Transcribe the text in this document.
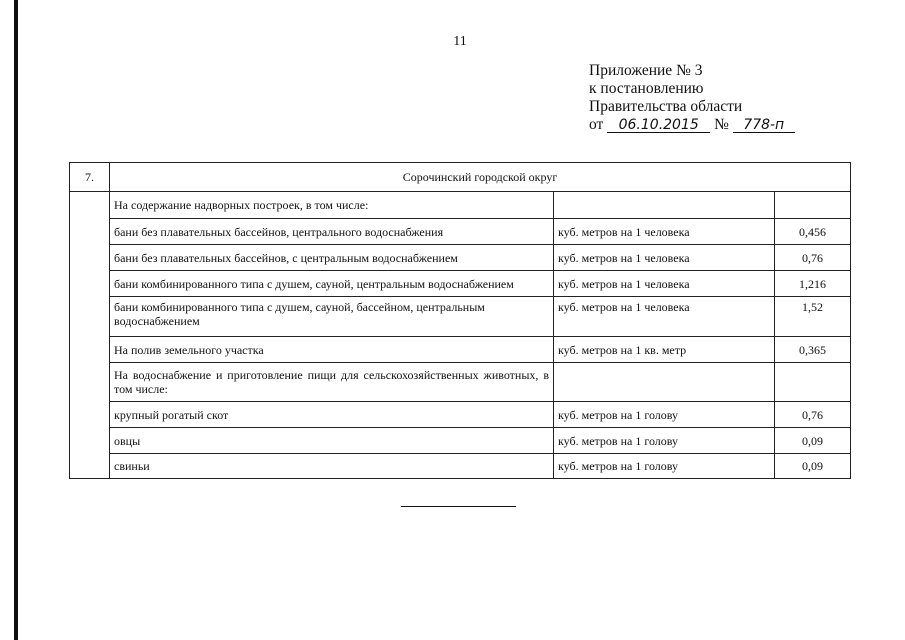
11
Приложение № 3
к постановлению
Правительства области
от 06.10.2015 № 778-п
7.	Сорочинский городской округ		
	На содержание надворных построек, в том числе:		
	бани без плавательных бассейнов, центрального водоснабжения	куб. метров на 1 человека	0,456
	бани без плавательных бассейнов, с центральным водоснабжением	куб. метров на 1 человека	0,76
	бани комбинированного типа с душем, сауной, центральным водоснабжением	куб. метров на 1 человека	1,216
	бани комбинированного типа с душем, сауной, бассейном, центральным водоснабжением	куб. метров на 1 человека	1,52
	На полив земельного участка	куб. метров на 1 кв. метр	0,365
	На водоснабжение и приготовление пищи для сельскохозяйственных животных, в том числе:		
	крупный рогатый скот	куб. метров на 1 голову	0,76
	овцы	куб. метров на 1 голову	0,09
	свиньи	куб. метров на 1 голову	0,09
